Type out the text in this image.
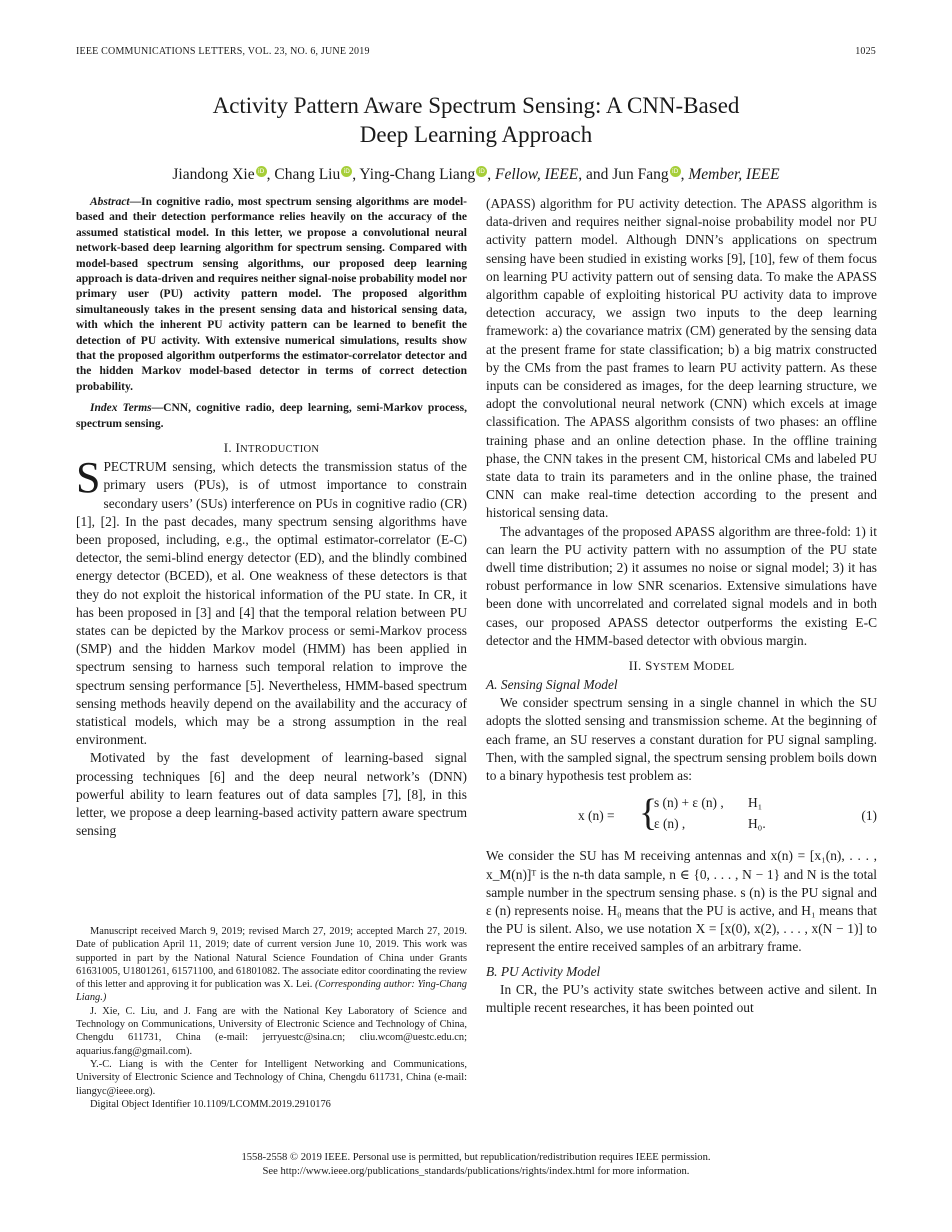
IEEE COMMUNICATIONS LETTERS, VOL. 23, NO. 6, JUNE 2019	1025
Activity Pattern Aware Spectrum Sensing: A CNN-Based
Deep Learning Approach
Jiandong Xie iD , Chang Liu iD , Ying-Chang Liang iD , Fellow, IEEE, and Jun Fang iD , Member, IEEE

Abstract—In cognitive radio, most spectrum sensing algorithms are model-based and their detection performance relies heavily on the accuracy of the assumed statistical model. In this letter, we propose a convolutional neural network-based deep learning algorithm for spectrum sensing. Compared with model-based spectrum sensing algorithms, our proposed deep learning approach is data-driven and requires neither signal-noise probability model nor primary user (PU) activity pattern model. The proposed algorithm simultaneously takes in the present sensing data and historical sensing data, with which the inherent PU activity pattern can be learned to benefit the detection of PU activity. With extensive numerical simulations, results show that the proposed algorithm outperforms the estimator-correlator detector and the hidden Markov model-based detector in terms of correct detection probability.

Index Terms—CNN, cognitive radio, deep learning, semi-Markov process, spectrum sensing.

I. INTRODUCTION

SPECTRUM sensing, which detects the transmission status of the primary users (PUs), is of utmost importance to constrain secondary users’ (SUs) interference on PUs in cognitive radio (CR) [1], [2]. In the past decades, many spectrum sensing algorithms have been proposed, including, e.g., the optimal estimator-correlator (E-C) detector, the semi-blind energy detector (ED), and the blindly combined energy detector (BCED), et al. One weakness of these detectors is that they do not exploit the historical information of the PU state. In CR, it has been proposed in [3] and [4] that the temporal relation between PU states can be depicted by the Markov process or semi-Markov process (SMP) and the hidden Markov model (HMM) has been applied in spectrum sensing to harness such temporal relation to improve the spectrum sensing performance [5]. Nevertheless, HMM-based spectrum sensing methods heavily depend on the availability and the accuracy of statistical models, which may be a strong assumption in the real environment.

Motivated by the fast development of learning-based signal processing techniques [6] and the deep neural network’s (DNN) powerful ability to learn features out of data samples [7], [8], in this letter, we propose a deep learning-based activity pattern aware spectrum sensing

Manuscript received March 9, 2019; revised March 27, 2019; accepted March 27, 2019. Date of publication April 11, 2019; date of current version June 10, 2019. This work was supported in part by the National Natural Science Foundation of China under Grants 61631005, U1801261, 61571100, and 61801082. The associate editor coordinating the review of this letter and approving it for publication was X. Lei. (Corresponding author: Ying-Chang Liang.)

J. Xie, C. Liu, and J. Fang are with the National Key Laboratory of Science and Technology on Communications, University of Electronic Science and Technology of China, Chengdu 611731, China (e-mail: jerryuestc@sina.cn; cliu.wcom@uestc.edu.cn; aquarius.fang@gmail.com).

Y.-C. Liang is with the Center for Intelligent Networking and Communications, University of Electronic Science and Technology of China, Chengdu 611731, China (e-mail: liangyc@ieee.org).

Digital Object Identifier 10.1109/LCOMM.2019.2910176

(APASS) algorithm for PU activity detection. The APASS algorithm is data-driven and requires neither signal-noise probability model nor PU activity pattern model. Although DNN’s applications on spectrum sensing have been studied in existing works [9], [10], few of them focus on learning PU activity pattern out of sensing data. To make the APASS algorithm capable of exploiting historical PU activity data to improve detection accuracy, we assign two inputs to the deep learning framework: a) the covariance matrix (CM) generated by the sensing data at the present frame for state classification; b) a big matrix constructed by the CMs from the past frames to learn PU activity pattern. As these inputs can be considered as images, for the deep learning structure, we adopt the convolutional neural network (CNN) which excels at image classification. The APASS algorithm consists of two phases: an offline training phase and an online detection phase. In the offline training phase, the CNN takes in the present CM, historical CMs and labeled PU state data to train its parameters and in the online phase, the trained CNN can make real-time detection according to the present and historical sensing data.

The advantages of the proposed APASS algorithm are three-fold: 1) it can learn the PU activity pattern with no assumption of the PU state dwell time distribution; 2) it assumes no noise or signal model; 3) it has robust performance in low SNR scenarios. Extensive simulations have been done with uncorrelated and correlated signal models and in both cases, our proposed APASS detector outperforms the existing E-C detector and the HMM-based detector with obvious margin.

II. SYSTEM MODEL

A. Sensing Signal Model

We consider spectrum sensing in a single channel in which the SU adopts the slotted sensing and transmission scheme. At the beginning of each frame, an SU reserves a constant duration for PU signal sampling. Then, with the sampled signal, the spectrum sensing problem boils down to a binary hypothesis test problem as:

x (n) = {
s (n) + ε (n) ,
ε (n) ,
H₁
H₀.
(1)

We consider the SU has M receiving antennas and x(n) = [x₁(n), . . . , x_M(n)]ᵀ is the n-th data sample, n ∈ {0, . . . , N − 1} and N is the total sample number in the spectrum sensing phase. s (n) is the PU signal and ε (n) represents noise. H₀ means that the PU is active, and H₁ means that the PU is silent. Also, we use notation X = [x(0), x(2), . . . , x(N − 1)] to represent the entire received samples of an arbitrary frame.

B. PU Activity Model

In CR, the PU’s activity state switches between active and silent. In multiple recent researches, it has been pointed out

1558-2558 © 2019 IEEE. Personal use is permitted, but republication/redistribution requires IEEE permission.
See http://www.ieee.org/publications_standards/publications/rights/index.html for more information.
